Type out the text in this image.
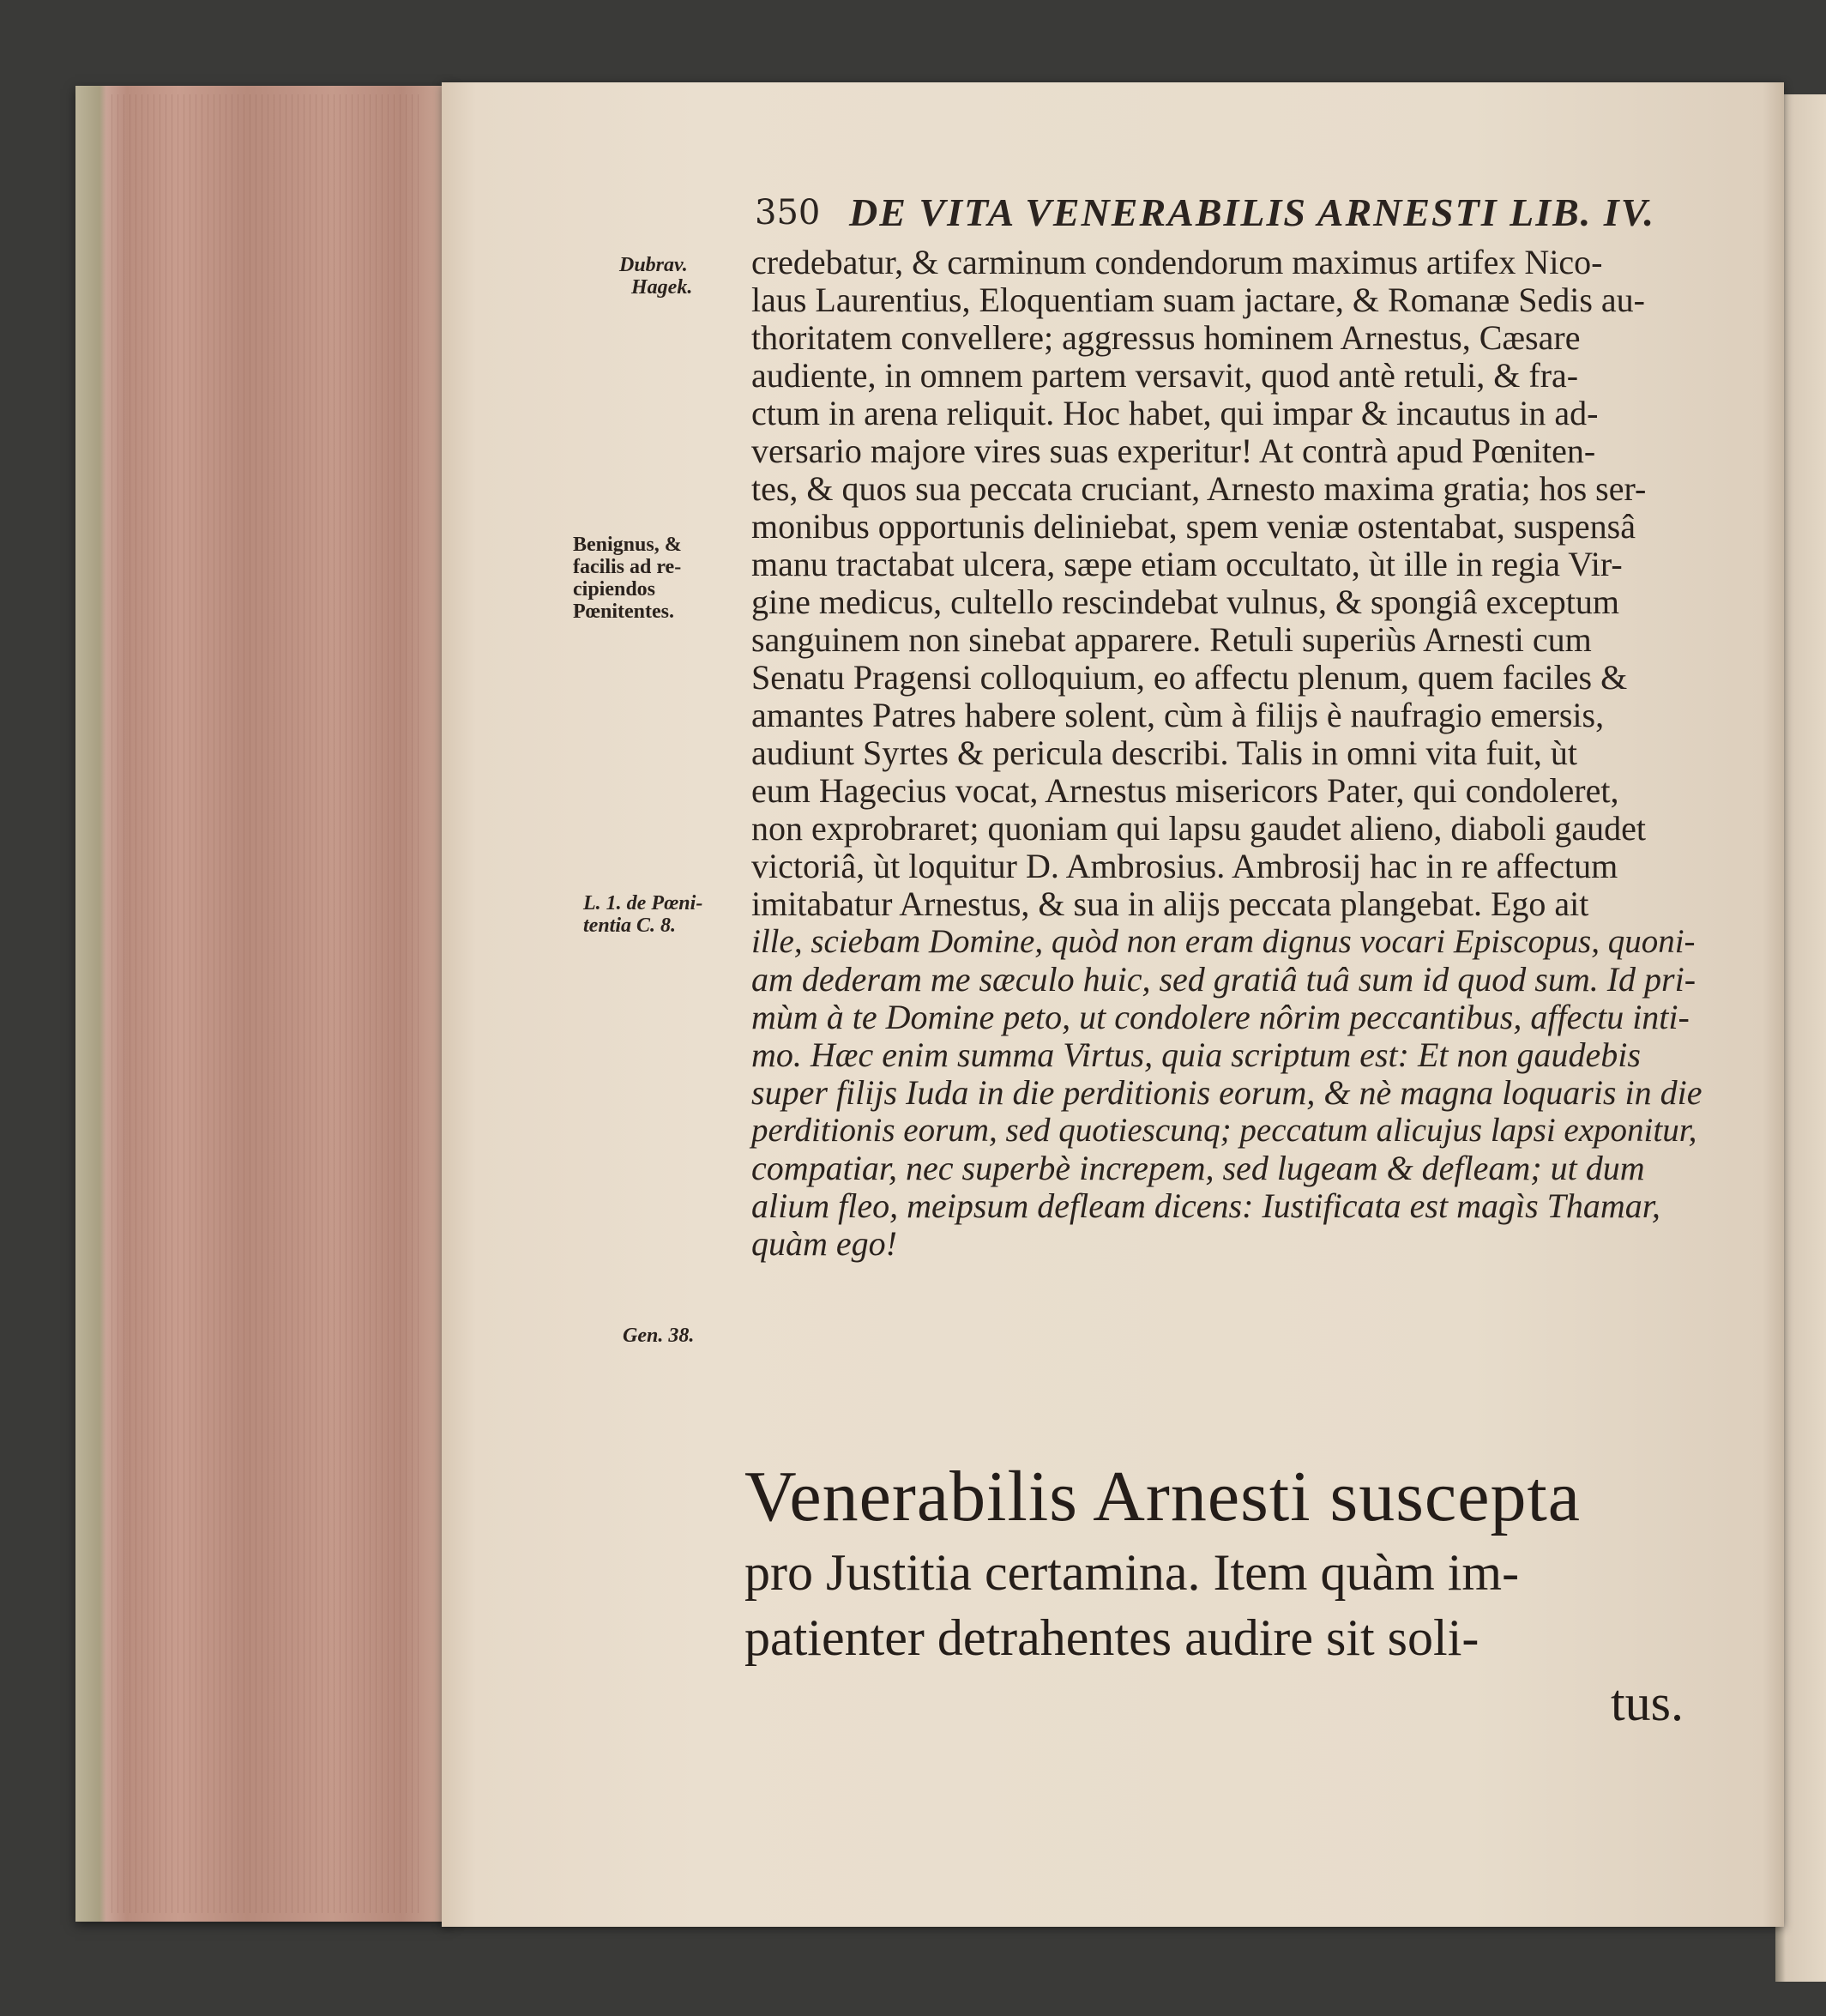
350 DE VITA VENERABILIS ARNESTI LIB. IV.
Dubrav.
Hagek.
Benignus, &
facilis ad re-
cipiendos
Pœnitentes.
L. 1. de Pœni-
tentia C. 8.
Gen. 38.
credebatur, & carminum condendorum maximus artifex Nico-
laus Laurentius, Eloquentiam suam jactare, & Romanæ Sedis au-
thoritatem convellere; aggressus hominem Arnestus, Cæsare
audiente, in omnem partem versavit, quod antè retuli, & fra-
ctum in arena reliquit. Hoc habet, qui impar & incautus in ad-
versario majore vires suas experitur! At contrà apud Pœniten-
tes, & quos sua peccata cruciant, Arnesto maxima gratia; hos ser-
monibus opportunis deliniebat, spem veniæ ostentabat, suspensâ
manu tractabat ulcera, sæpe etiam occultato, ùt ille in regia Vir-
gine medicus, cultello rescindebat vulnus, & spongiâ exceptum
sanguinem non sinebat apparere. Retuli superiùs Arnesti cum
Senatu Pragensi colloquium, eo affectu plenum, quem faciles &
amantes Patres habere solent, cùm à filijs è naufragio emersis,
audiunt Syrtes & pericula describi. Talis in omni vita fuit, ùt
eum Hagecius vocat, Arnestus misericors Pater, qui condoleret,
non exprobraret; quoniam qui lapsu gaudet alieno, diaboli gaudet
victoriâ, ùt loquitur D. Ambrosius. Ambrosij hac in re affectum
imitabatur Arnestus, & sua in alijs peccata plangebat. Ego ait
ille, sciebam Domine, quòd non eram dignus vocari Episcopus, quoni-
am dederam me sæculo huic, sed gratiâ tuâ sum id quod sum. Id pri-
mùm à te Domine peto, ut condolere nôrim peccantibus, affectu inti-
mo. Hæc enim summa Virtus, quia scriptum est: Et non gaudebis
super filijs Iuda in die perditionis eorum, & nè magna loquaris in die
perditionis eorum, sed quotiescunq; peccatum alicujus lapsi exponitur,
compatiar, nec superbè increpem, sed lugeam & defleam; ut dum
alium fleo, meipsum defleam dicens: Iustificata est magìs Thamar,
quàm ego!
Venerabilis Arnesti suscepta
pro Justitia certamina. Item quàm im-
patienter detrahentes audire sit soli-
tus.
